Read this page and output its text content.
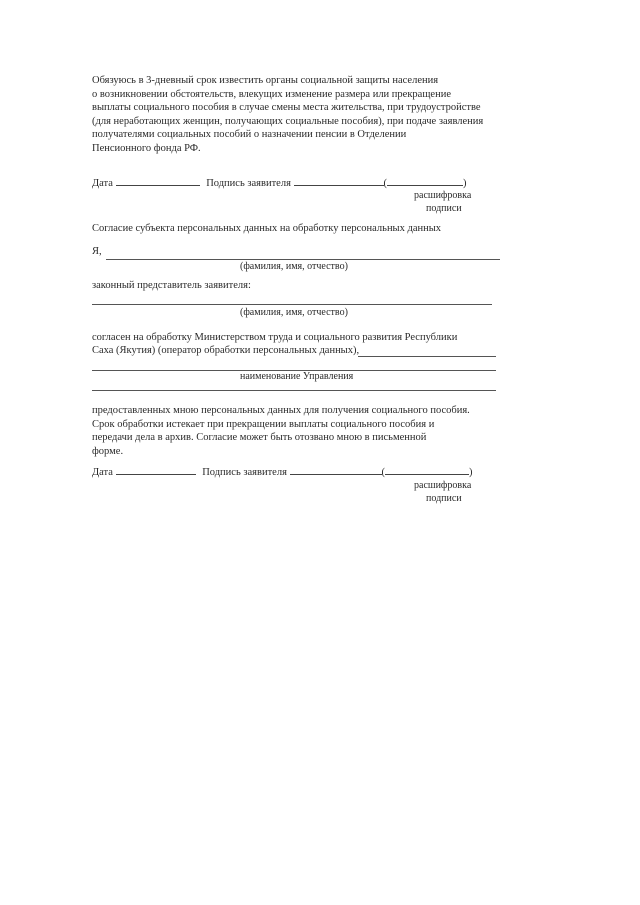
Обязуюсь в 3-дневный срок известить органы социальной защиты населения
о возникновении обстоятельств, влекущих изменение размера или прекращение
выплаты социального пособия в случае смены места жительства, при трудоустройстве
(для неработающих женщин, получающих социальные пособия), при подаче заявления
получателями социальных пособий о назначении пенсии в Отделении
Пенсионного фонда РФ.
Дата	Подпись заявителя	(	)
расшифровка
подписи
Согласие субъекта персональных данных на обработку персональных данных
Я,
(фамилия, имя, отчество)
законный представитель заявителя:
(фамилия, имя, отчество)
согласен на обработку Министерством труда и социального развития Республики
Саха (Якутия) (оператор обработки персональных данных),
наименование Управления
предоставленных мною персональных данных для получения социального пособия.
Срок обработки истекает при прекращении выплаты социального пособия и
передачи дела в архив. Согласие может быть отозвано мною в письменной
форме.
Дата	Подпись заявителя	(	)
расшифровка
подписи
